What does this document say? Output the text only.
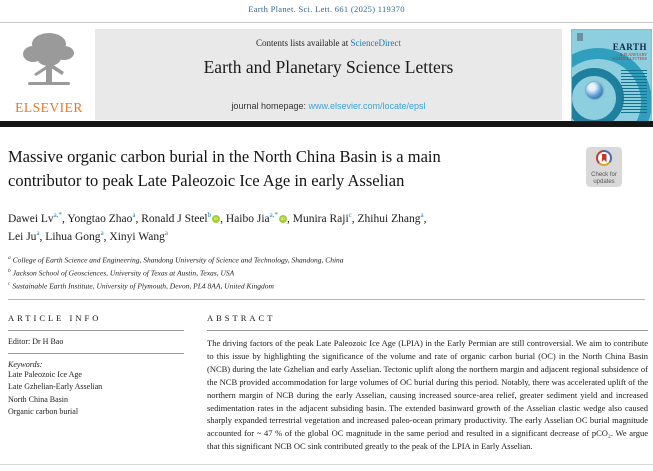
Earth Planet. Sci. Lett. 661 (2025) 119370
ELSEVIER
Contents lists available at ScienceDirect
Earth and Planetary Science Letters
journal homepage: www.elsevier.com/locate/epsl
EARTH
& PLANETARY SCIENCE LETTERS
Massive organic carbon burial in the North China Basin is a main contributor to peak Late Paleozoic Ice Age in early Asselian	Check for updates
Dawei $Lv^{a,*}$, Yongtao Zhao$^a$, Ronald J Steel$^b$ iD , Haibo Jia$^{a,*}$ iD , Munira Raji$^c$, Zhihui Zhang$^a$,
Lei Ju$^a$, Lihua Gong$^a$, Xinyi Wang$^a$
$^a$ College of Earth Science and Engineering, Shandong University of Science and Technology, Shandong, China
$^b$ Jackson School of Geosciences, University of Texas at Austin, Texas, USA
$^c$ Sustainable Earth Institute, University of Plymouth, Devon, PL4 8AA, United Kingdom
ARTICLE INFO
Editor: Dr H Bao
Keywords:
Late Paleozoic Ice Age
Late Gzhelian-Early Asselian
North China Basin
Organic carbon burial
ABSTRACT
The driving factors of the peak Late Paleozoic Ice Age (LPIA) in the Early Permian are still controversial. We aim to contribute to this issue by highlighting the significance of the volume and rate of organic carbon burial (OC) in the North China Basin (NCB) during the late Gzhelian and early Asselian. Tectonic uplift along the northern margin and adjacent regional subsidence of the NCB provided accommodation for large volumes of OC burial during this period. Notably, there was accelerated uplift of the northern margin of NCB during the early Asselian, causing increased source-area relief, greater sediment yield and increased sedimentation rates in the adjacent subsiding basin. The extended basinward growth of the Asselian clastic wedge also caused sharply expanded terrestrial vegetation and increased paleo-ocean primary productivity. The early Asselian OC burial magnitude accounted for ~ 47 % of the global OC magnitude in the same period and resulted in a significant decrease of pCO₂. We argue that this significant NCB OC sink contributed greatly to the peak of the LPIA in Early Asselian.
